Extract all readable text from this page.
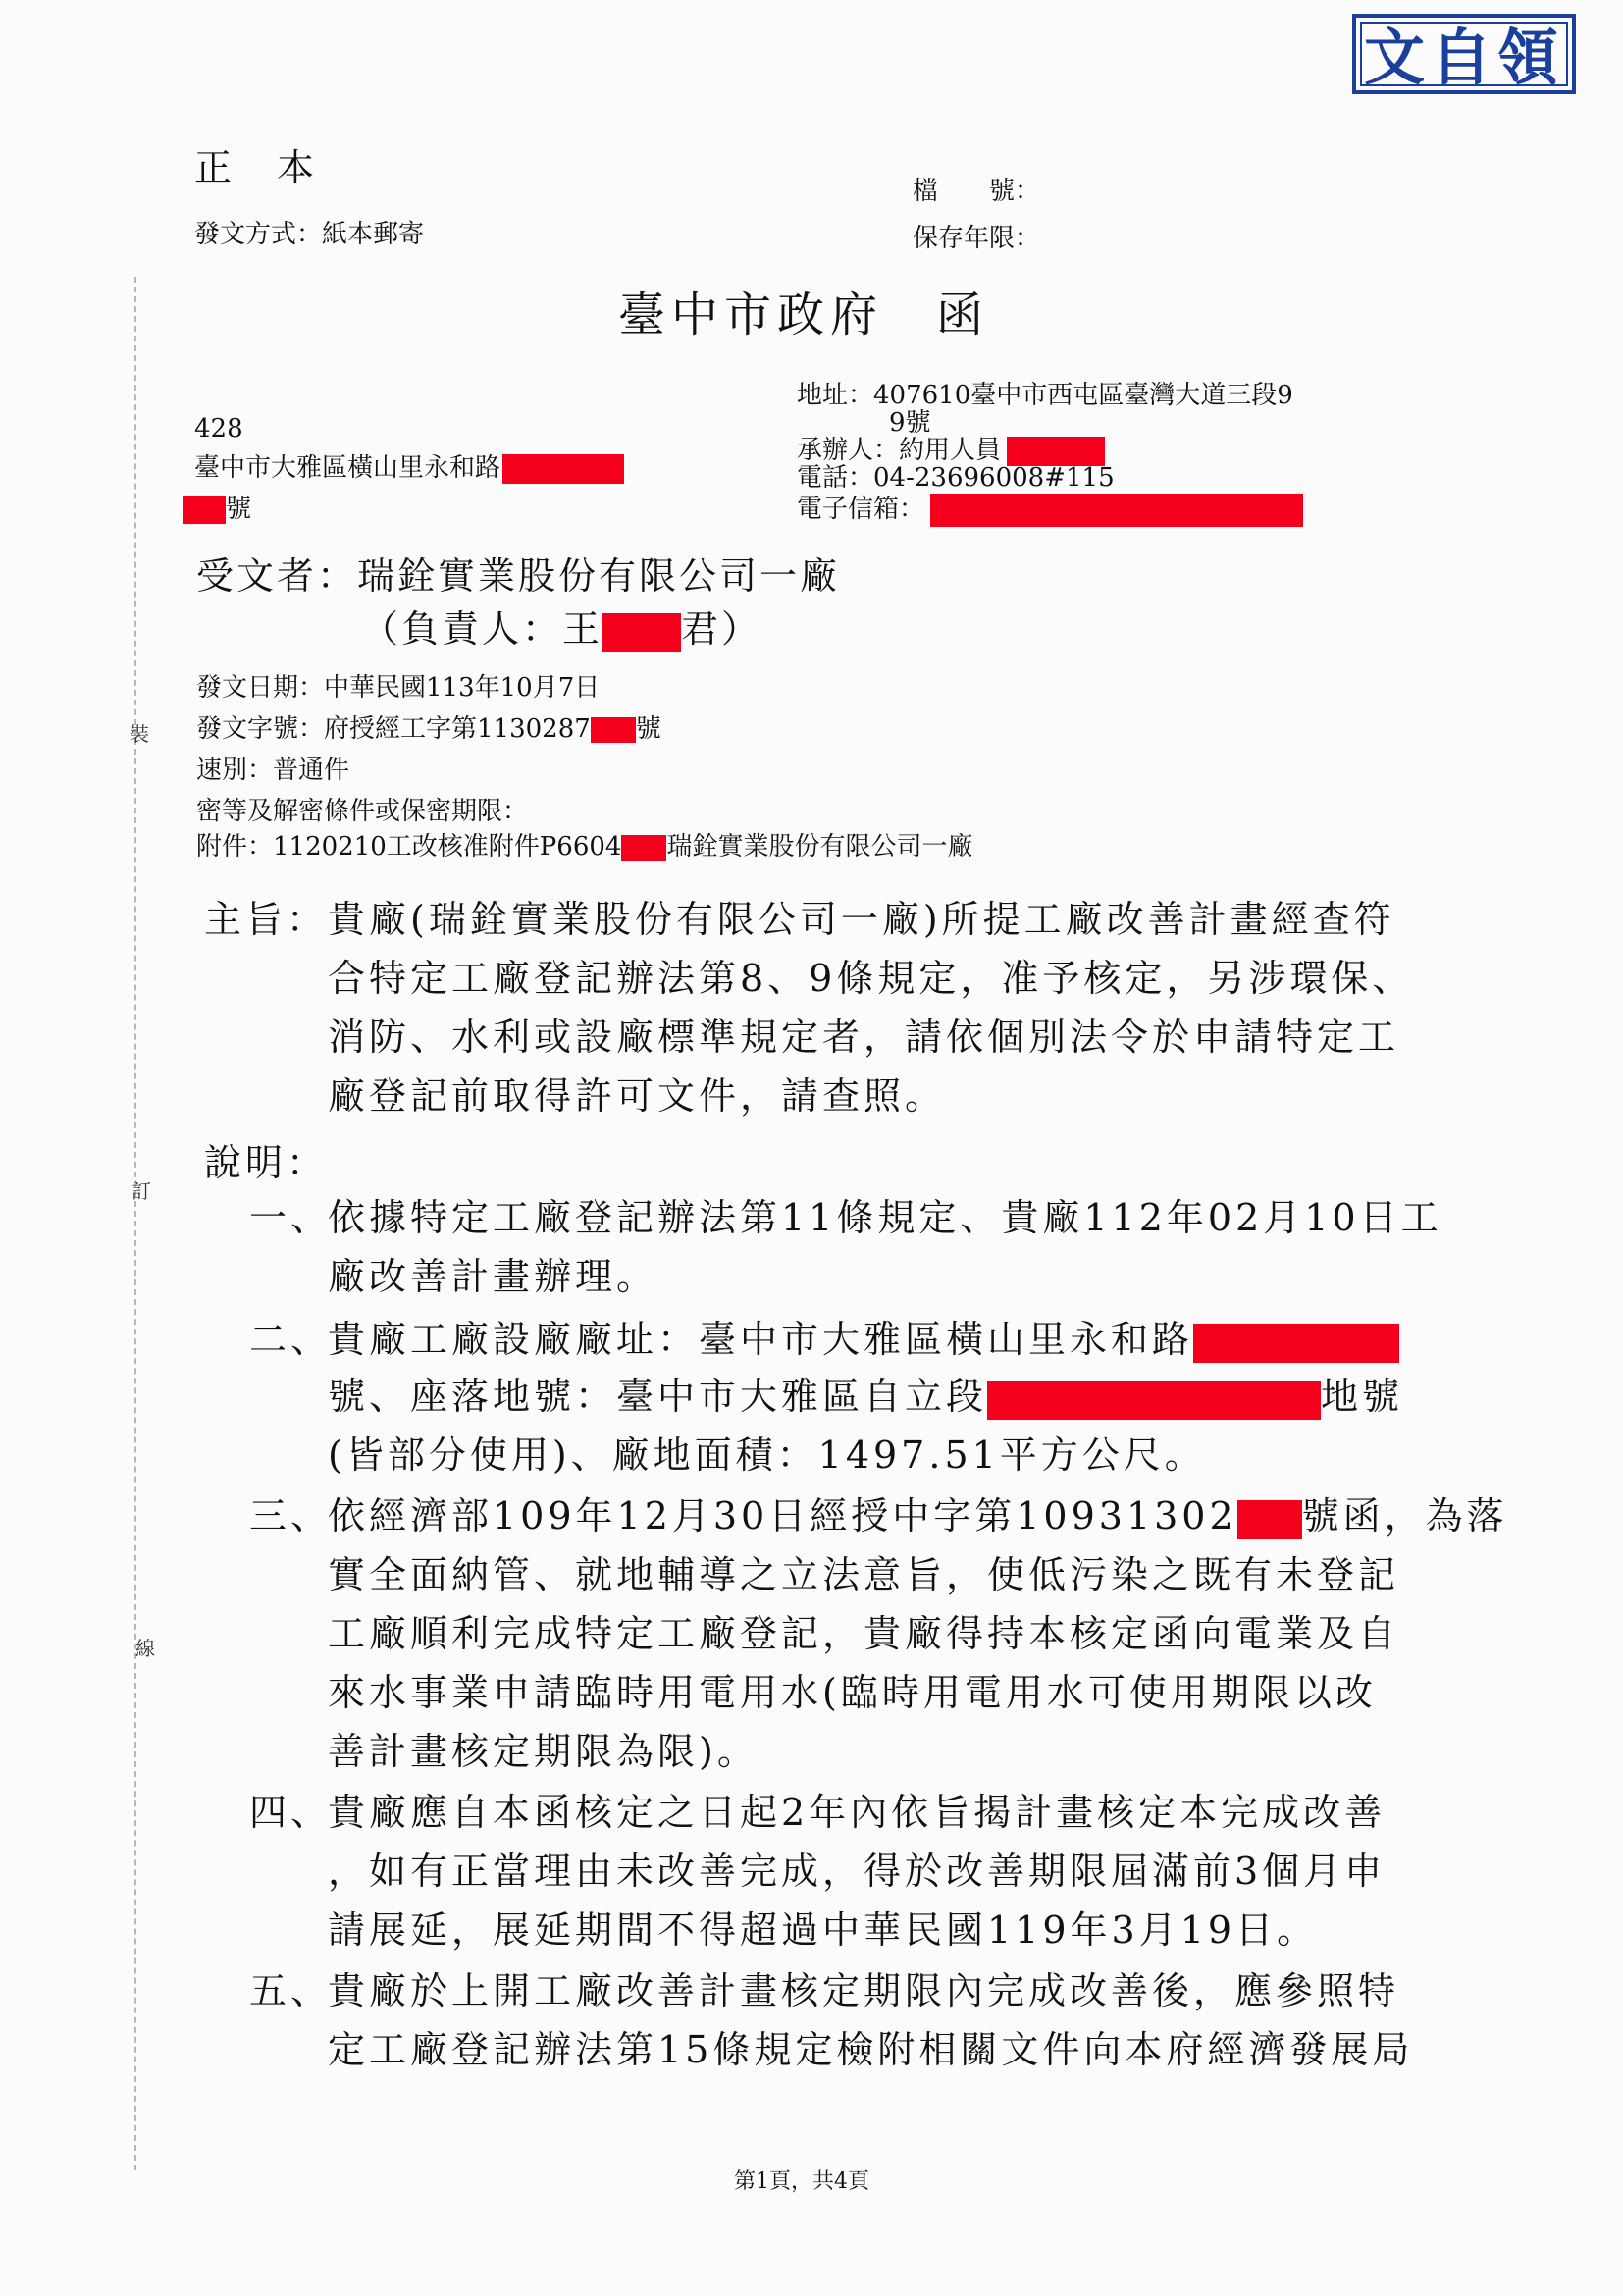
文自領
正　本
發文方式：紙本郵寄
檔　　號：
保存年限：
臺中市政府　函
地址：407610臺中市西屯區臺灣大道三段9
9號
承辦人：約用人員
電話：04-23696008#115
電子信箱：
428
臺中市大雅區橫山里永和路
號
受文者：瑞銓實業股份有限公司一廠
（負責人：王 君）
發文日期：中華民國113年10月7日
發文字號：府授經工字第1130287 號
速別：普通件
密等及解密條件或保密期限：
附件：1120210工改核准附件P6604 瑞銓實業股份有限公司一廠
主旨： 貴廠(瑞銓實業股份有限公司一廠)所提工廠改善計畫經查符
合特定工廠登記辦法第8、9條規定，准予核定，另涉環保、
消防、水利或設廠標準規定者，請依個別法令於申請特定工
廠登記前取得許可文件，請查照。
說明：
一、
依據特定工廠登記辦法第11條規定、貴廠112年02月10日工
廠改善計畫辦理。
二、
貴廠工廠設廠廠址：臺中市大雅區橫山里永和路
號、座落地號：臺中市大雅區自立段	地號
(皆部分使用)、廠地面積：1497.51平方公尺。
三、
依經濟部109年12月30日經授中字第10931302 號函，為落
實全面納管、就地輔導之立法意旨，使低污染之既有未登記
工廠順利完成特定工廠登記，貴廠得持本核定函向電業及自
來水事業申請臨時用電用水(臨時用電用水可使用期限以改
善計畫核定期限為限)。
四、
貴廠應自本函核定之日起2年內依旨揭計畫核定本完成改善
，如有正當理由未改善完成，得於改善期限屆滿前3個月申
請展延，展延期間不得超過中華民國119年3月19日。
五、
貴廠於上開工廠改善計畫核定期限內完成改善後，應參照特
定工廠登記辦法第15條規定檢附相關文件向本府經濟發展局
裝
訂
線
第1頁，共4頁
